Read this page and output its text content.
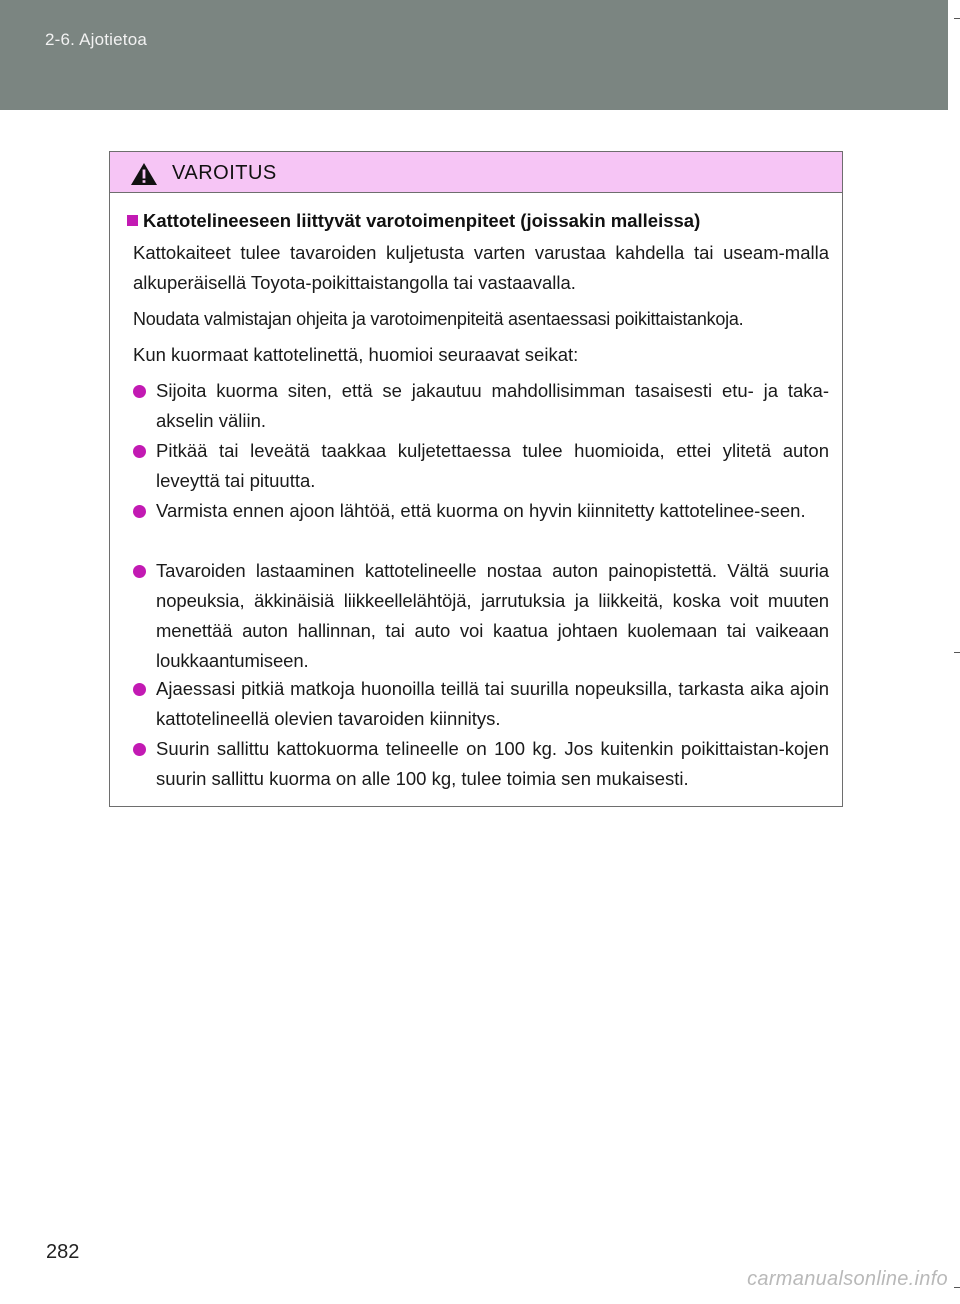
2-6. Ajotietoa
VAROITUS
Kattotelineeseen liittyvät varotoimenpiteet (joissakin malleissa)
Kattokaiteet tulee tavaroiden kuljetusta varten varustaa kahdella tai useam-malla alkuperäisellä Toyota-poikittaistangolla tai vastaavalla.
Noudata valmistajan ohjeita ja varotoimenpiteitä asentaessasi poikittaistankoja.
Kun kuormaat kattotelinettä, huomioi seuraavat seikat:
Sijoita kuorma siten, että se jakautuu mahdollisimman tasaisesti etu- ja taka-akselin väliin.
Pitkää tai leveätä taakkaa kuljetettaessa tulee huomioida, ettei ylitetä auton leveyttä tai pituutta.
Varmista ennen ajoon lähtöä, että kuorma on hyvin kiinnitetty kattotelinee-seen.
Tavaroiden lastaaminen kattotelineelle nostaa auton painopistettä. Vältä suuria nopeuksia, äkkinäisiä liikkeellelähtöjä, jarrutuksia ja liikkeitä, koska voit muuten menettää auton hallinnan, tai auto voi kaatua johtaen kuolemaan tai vaikeaan loukkaantumiseen.
Ajaessasi pitkiä matkoja huonoilla teillä tai suurilla nopeuksilla, tarkasta aika ajoin kattotelineellä olevien tavaroiden kiinnitys.
Suurin sallittu kattokuorma telineelle on 100 kg. Jos kuitenkin poikittaistan-kojen suurin sallittu kuorma on alle 100 kg, tulee toimia sen mukaisesti.
282
carmanualsonline.info
